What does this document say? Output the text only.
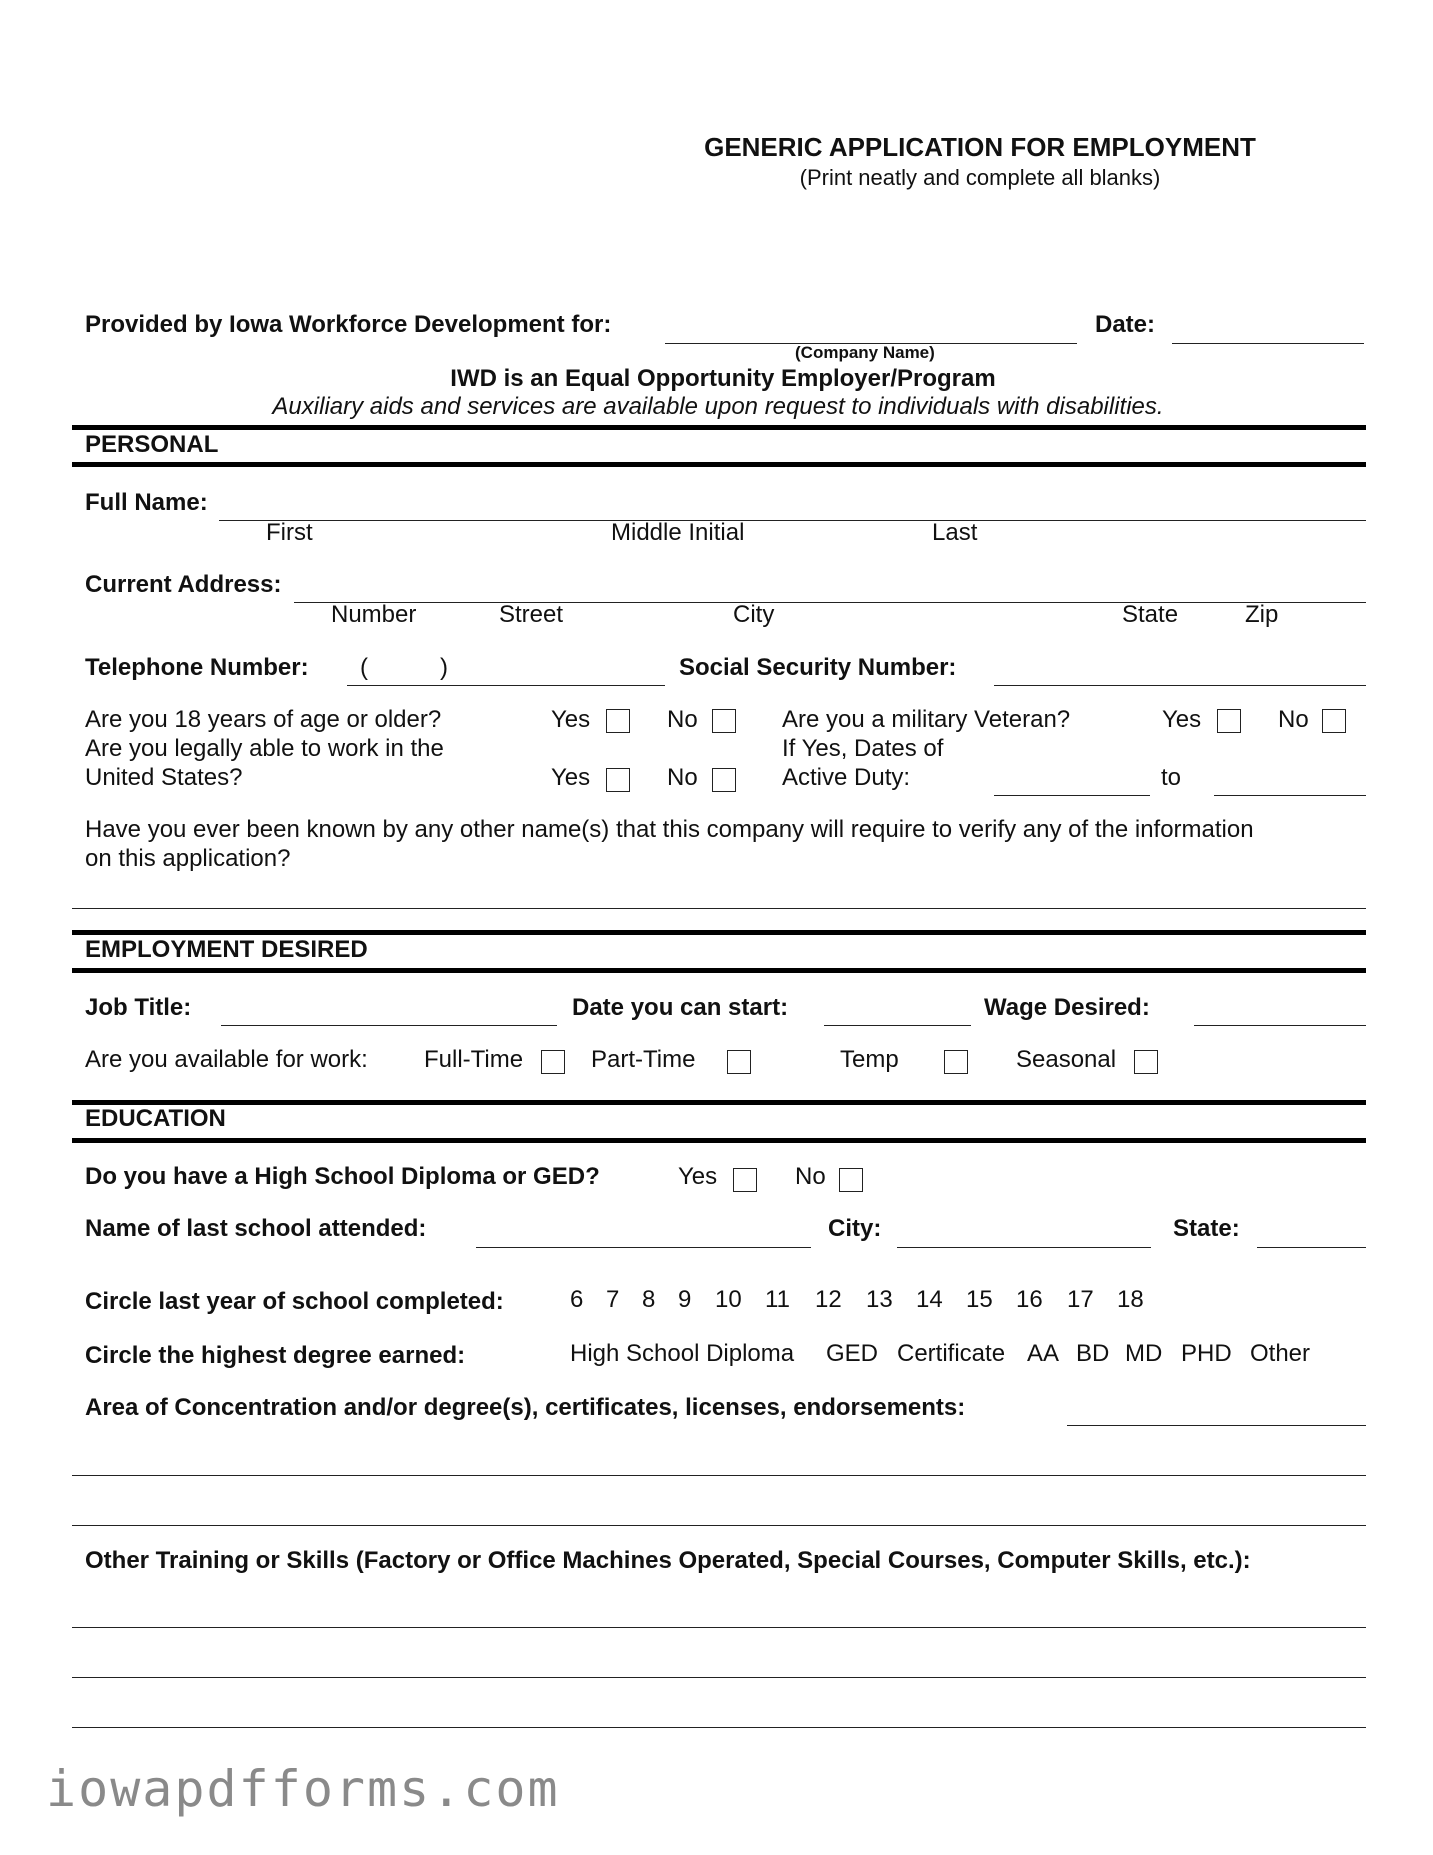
GENERIC APPLICATION FOR EMPLOYMENT
(Print neatly and complete all blanks)
Provided by Iowa Workforce Development for:
(Company Name)
Date:
IWD is an Equal Opportunity Employer/Program
Auxiliary aids and services are available upon request to individuals with disabilities.
PERSONAL
Full Name:
First	Middle Initial	Last
Current Address:
Number	Street	City	State	Zip
Telephone Number: (	)	Social Security Number:
Are you 18 years of age or older?	Yes	No	Are you a military Veteran?	Yes	No
Are you legally able to work in the
United States?	Yes	No
If Yes, Dates of
Active Duty:	to
Have you ever been known by any other name(s) that this company will require to verify any of the information
on this application?
EMPLOYMENT DESIRED
Job Title:	Date you can start:	Wage Desired:
Are you available for work: Full-Time	Part-Time	Temp	Seasonal
EDUCATION
Do you have a High School Diploma or GED?	Yes	No
Name of last school attended:	City:	State:
Circle last year of school completed:	6 7 8 9 10 11 12 13 14 15 16 17 18
Circle the highest degree earned:	High School Diploma GED Certificate AA BD MD PHD Other
Area of Concentration and/or degree(s), certificates, licenses, endorsements:
Other Training or Skills (Factory or Office Machines Operated, Special Courses, Computer Skills, etc.):
iowapdfforms.com
